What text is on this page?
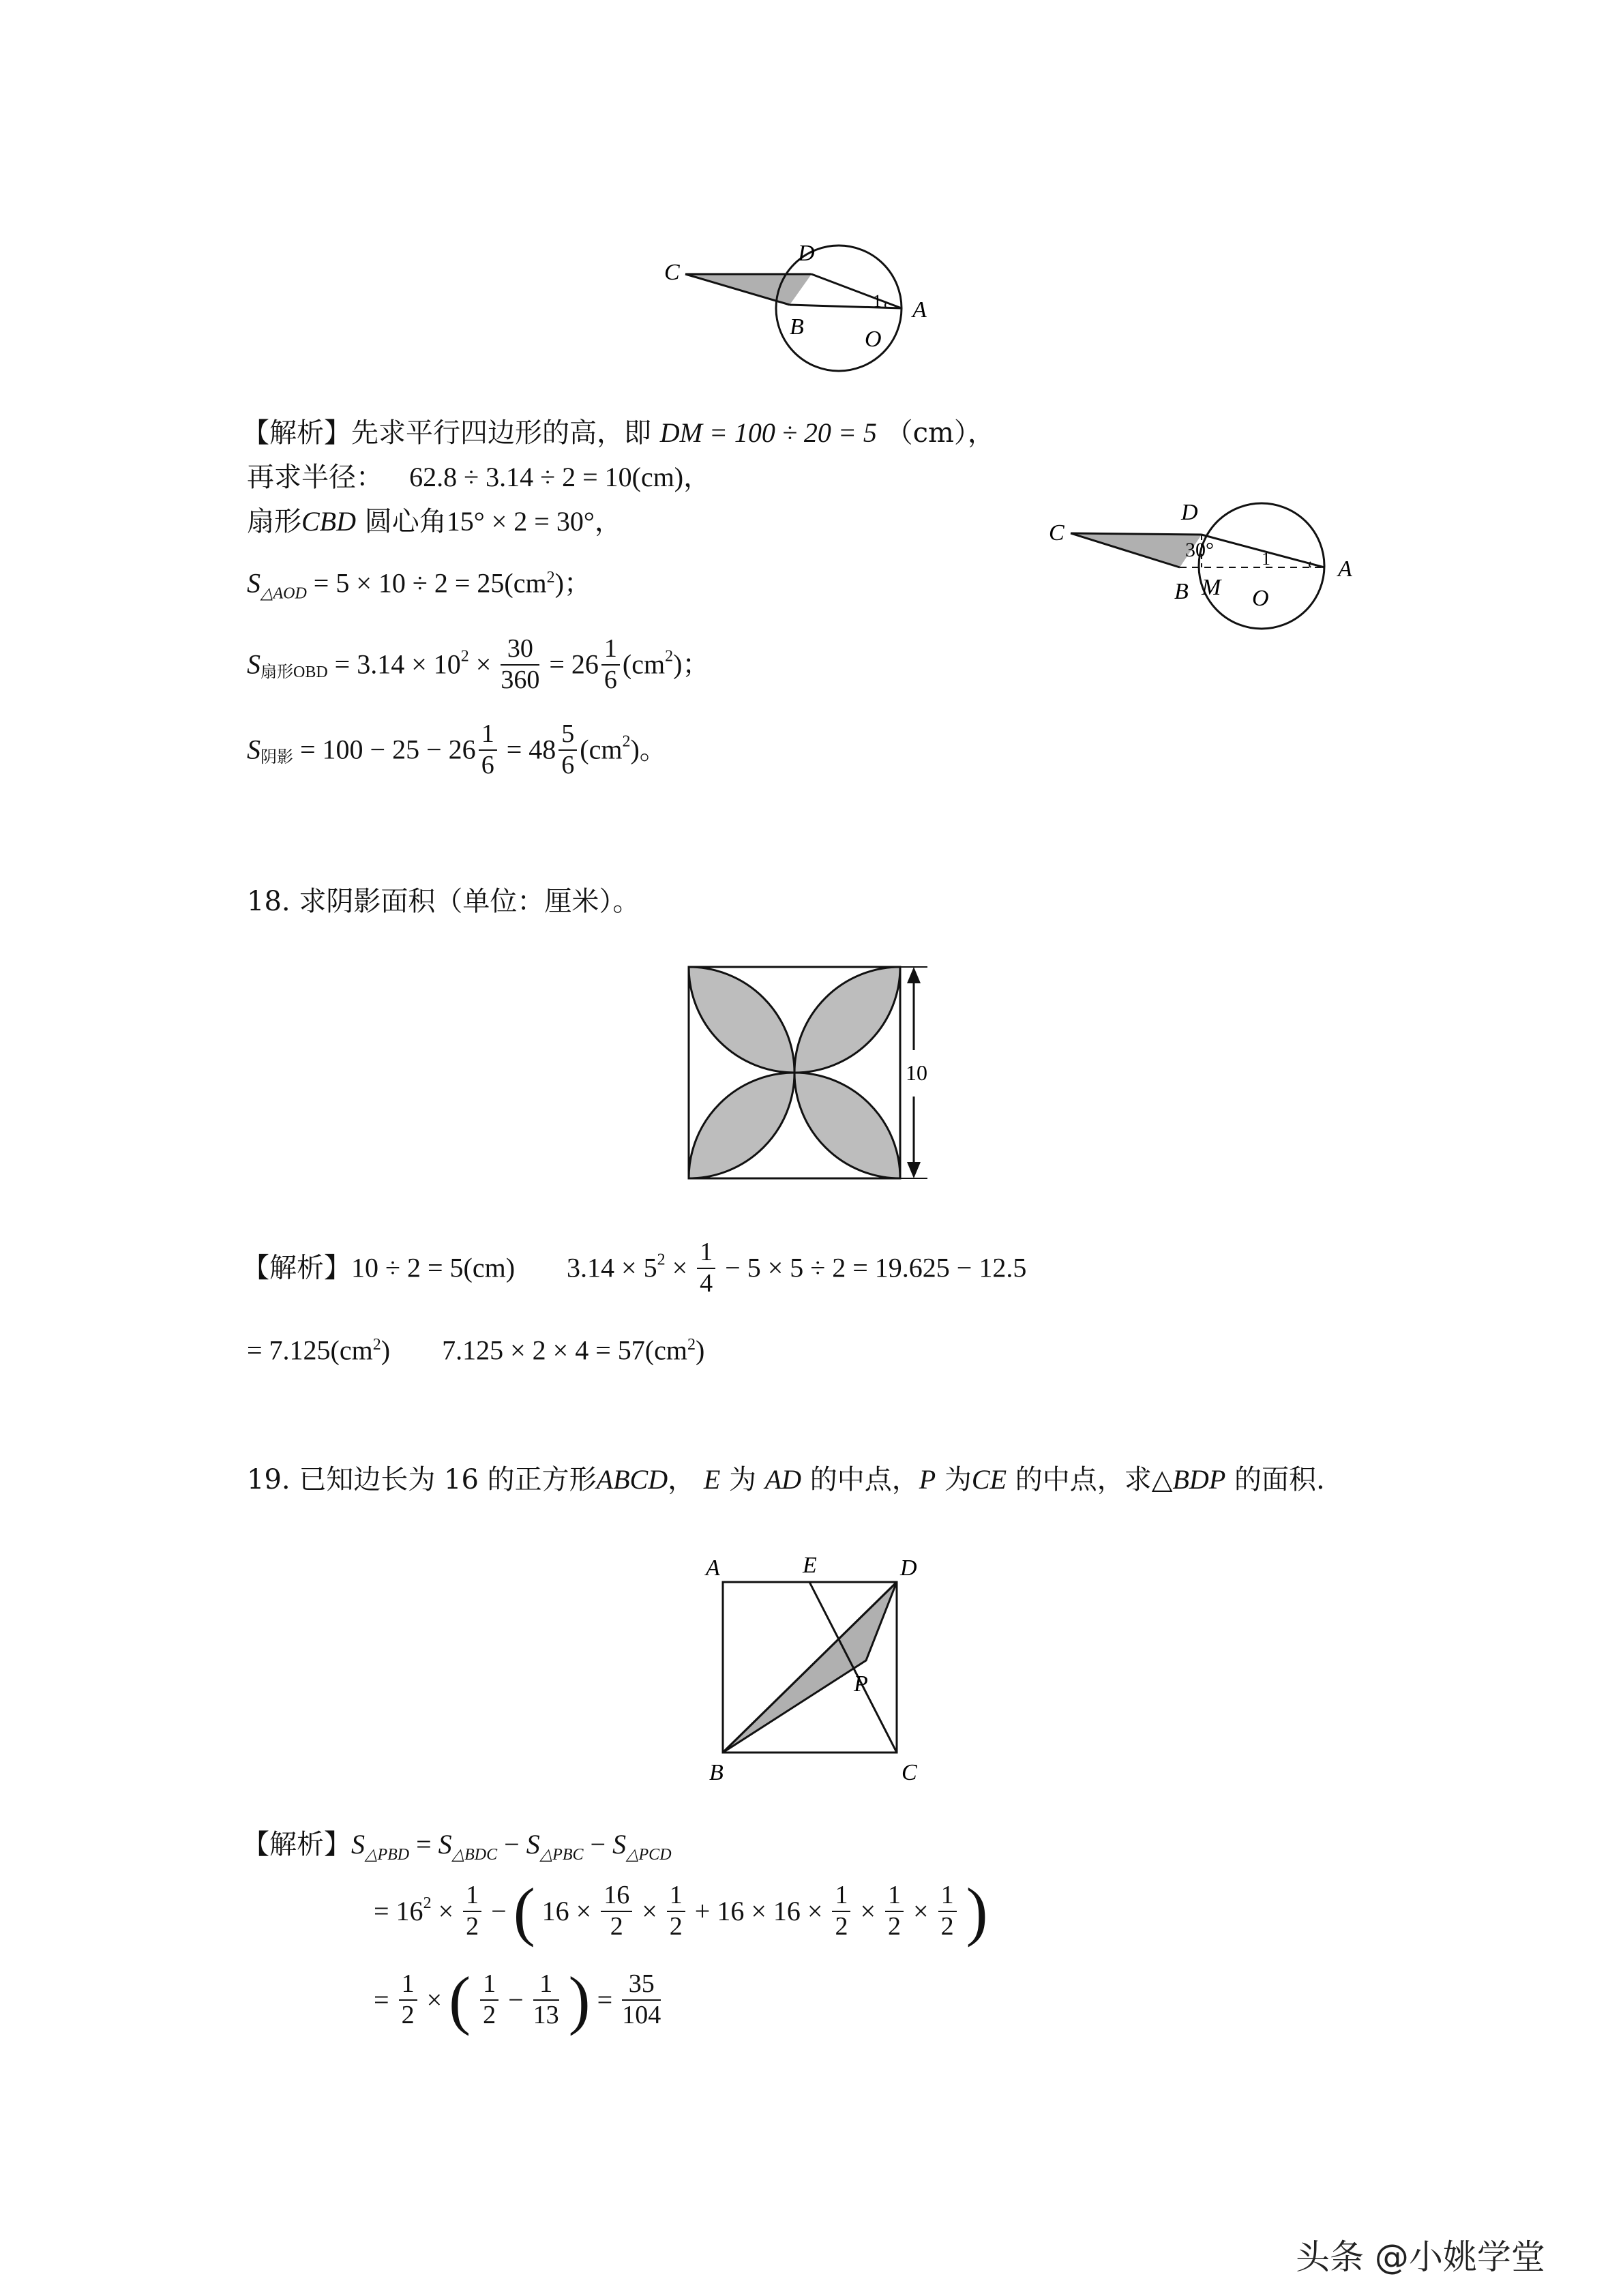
C
D
B	O
A
1
C
D
B M O
A
30°	1
【解析】先求平行四边形的高，即 DM = 100 ÷ 20 = 5 （cm），
再求半径： 62.8 ÷ 3.14 ÷ 2 = 10(cm)，
扇形CBD 圆心角15° × 2 = 30°，
$S_{\triangle AOD} = 5 \times 10 \div 2 = 25(cm^2)$；
$S_{扇形OBD} = 3.14 \times 10^2 \times \frac{30}{360} = 26 \frac{1}{6} (cm^2)$；
$S_{阴影} = 100 - 25 - 26 \frac{1}{6} = 48 \frac{5}{6} (cm^2)$。
18. 求阴影面积（单位：厘米）。
10
【解析】10 ÷ 2 = 5(cm) $3.14 \times 5^2 \times \frac{1}{4} - 5 \times 5 \div 2 = 19.625 - 12.5$
= $7.125(cm^2) 7.125 \times 2 \times 4 = 57(cm^2)$
19. 已知边长为 16 的正方形ABCD， E 为 AD 的中点，P 为CE 的中点，求△BDP 的面积.
A	E	D
P
B	C
【解析】$S_{\triangle PBD} = S_{\triangle BDC} - S_{\triangle PBC} - S_{\triangle PCD}$
= $16^2 \times \frac{1}{2}$ − ( $16 \times \frac{16}{2} \times \frac{1}{2} + 16 \times 16 \times \frac{1}{2} \times \frac{1}{2} \times \frac{1}{2}$ )
= $\frac{1}{2}$ × ( $\frac{1}{2} - \frac{1}{13}$ ) = $\frac{35}{104}$
头条 @小姚学堂
